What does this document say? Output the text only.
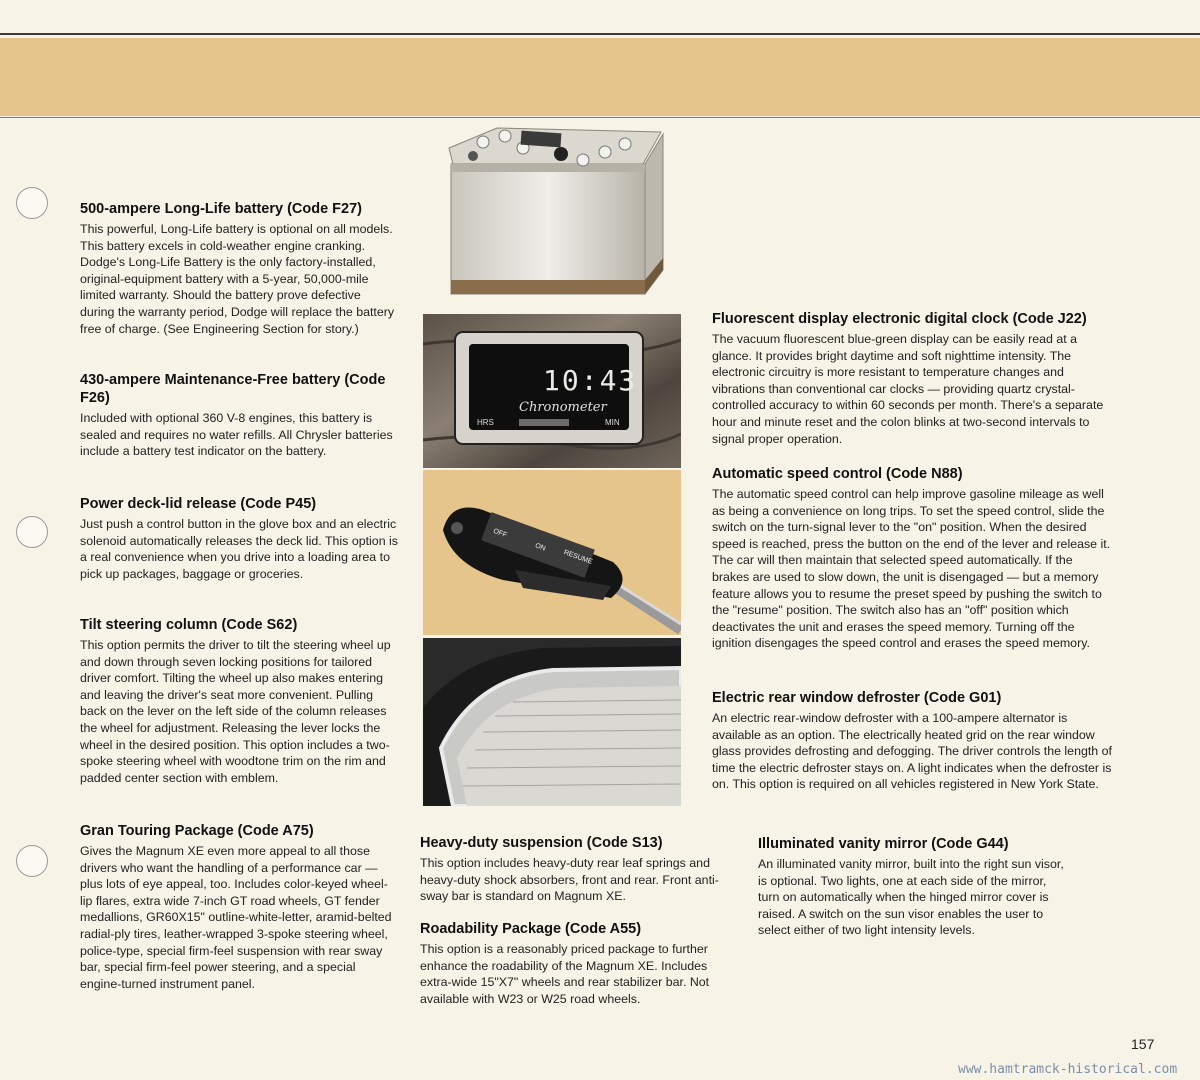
500-ampere Long-Life battery (Code F27)

This powerful, Long-Life battery is optional on all models. This battery excels in cold-weather engine cranking. Dodge's Long-Life Battery is the only factory-installed, original-equipment battery with a 5-year, 50,000-mile limited warranty. Should the battery prove defective during the warranty period, Dodge will replace the battery free of charge. (See Engineering Section for story.)

430-ampere Maintenance-Free battery (Code F26)

Included with optional 360 V-8 engines, this battery is sealed and requires no water refills. All Chrysler batteries include a battery test indicator on the battery.

Power deck-lid release (Code P45)

Just push a control button in the glove box and an electric solenoid automatically releases the deck lid. This option is a real convenience when you drive into a loading area to pick up packages, baggage or groceries.

Tilt steering column (Code S62)

This option permits the driver to tilt the steering wheel up and down through seven locking positions for tailored driver comfort. Tilting the wheel up also makes entering and leaving the driver's seat more convenient. Pulling back on the lever on the left side of the column releases the wheel for adjustment. Releasing the lever locks the wheel in the desired position. This option includes a two-spoke steering wheel with woodtone trim on the rim and padded center section with emblem.

Gran Touring Package (Code A75)

Gives the Magnum XE even more appeal to all those drivers who want the handling of a performance car — plus lots of eye appeal, too. Includes color-keyed wheel-lip flares, extra wide 7-inch GT road wheels, GT fender medallions, GR60X15" outline-white-letter, aramid-belted radial-ply tires, leather-wrapped 3-spoke steering wheel, police-type, special firm-feel suspension with rear sway bar, special firm-feel power steering, and a special engine-turned instrument panel.

10:43
Chronometer
HRS	MIN
OFF
ON
RESUME
Heavy-duty suspension (Code S13)

This option includes heavy-duty rear leaf springs and heavy-duty shock absorbers, front and rear. Front anti-sway bar is standard on Magnum XE.

Roadability Package (Code A55)

This option is a reasonably priced package to further enhance the roadability of the Magnum XE. Includes extra-wide 15"X7" wheels and rear stabilizer bar. Not available with W23 or W25 road wheels.

Fluorescent display electronic digital clock (Code J22)

The vacuum fluorescent blue-green display can be easily read at a glance. It provides bright daytime and soft nighttime intensity. The electronic circuitry is more resistant to temperature changes and vibrations than conventional car clocks — providing quartz crystal-controlled accuracy to within 60 seconds per month. There's a separate hour and minute reset and the colon blinks at two-second intervals to signal proper operation.

Automatic speed control (Code N88)

The automatic speed control can help improve gasoline mileage as well as being a convenience on long trips. To set the speed control, slide the switch on the turn-signal lever to the "on" position. When the desired speed is reached, press the button on the end of the lever and release it. The car will then maintain that selected speed automatically. If the brakes are used to slow down, the unit is disengaged — but a memory feature allows you to resume the preset speed by pushing the switch to the "resume" position. The switch also has an "off" position which deactivates the unit and erases the speed memory. Turning off the ignition disengages the speed control and erases the speed memory.

Electric rear window defroster (Code G01)

An electric rear-window defroster with a 100-ampere alternator is available as an option. The electrically heated grid on the rear window glass provides defrosting and defogging. The driver controls the length of time the electric defroster stays on. A light indicates when the defroster is on. This option is required on all vehicles registered in New York State.

Illuminated vanity mirror (Code G44)

An illuminated vanity mirror, built into the right sun visor, is optional. Two lights, one at each side of the mirror, turn on automatically when the hinged mirror cover is raised. A switch on the sun visor enables the user to select either of two light intensity levels.

157
www.hamtramck-historical.com
